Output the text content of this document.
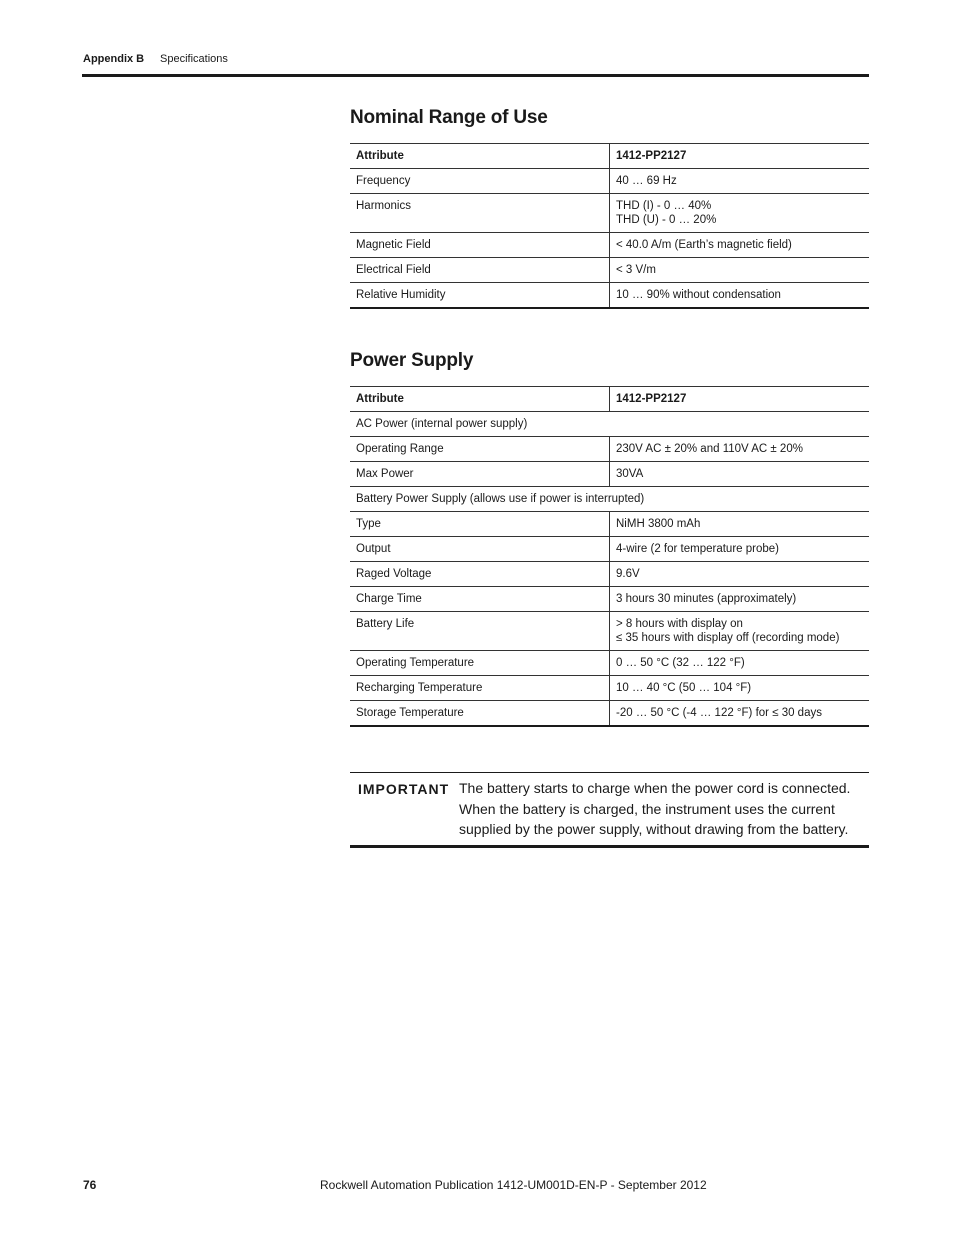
Appendix B Specifications
Nominal Range of Use
Attribute	1412-PP2127
Frequency	40 … 69 Hz
Harmonics	THD (I) - 0 … 40%
THD (U) - 0 … 20%

Magnetic Field	< 40.0 A/m (Earth’s magnetic field)
Electrical Field	< 3 V/m
Relative Humidity	10 … 90% without condensation
Power Supply
Attribute	1412-PP2127
AC Power (internal power supply)	
Operating Range	230V AC ± 20% and 110V AC ± 20%
Max Power	30VA
Battery Power Supply (allows use if power is interrupted)	
Type	NiMH 3800 mAh
Output	4-wire (2 for temperature probe)
Raged Voltage	9.6V
Charge Time	3 hours 30 minutes (approximately)
Battery Life	> 8 hours with display on
≤ 35 hours with display off (recording mode)

Operating Temperature	0 … 50 °C (32 … 122 °F)
Recharging Temperature	10 … 40 °C (50 … 104 °F)
Storage Temperature	-20 … 50 °C (-4 … 122 °F) for ≤ 30 days
IMPORTANT The battery starts to charge when the power cord is connected. When the battery is charged, the instrument uses the current supplied by the power supply, without drawing from the battery.
76	Rockwell Automation Publication 1412-UM001D-EN-P - September 2012
